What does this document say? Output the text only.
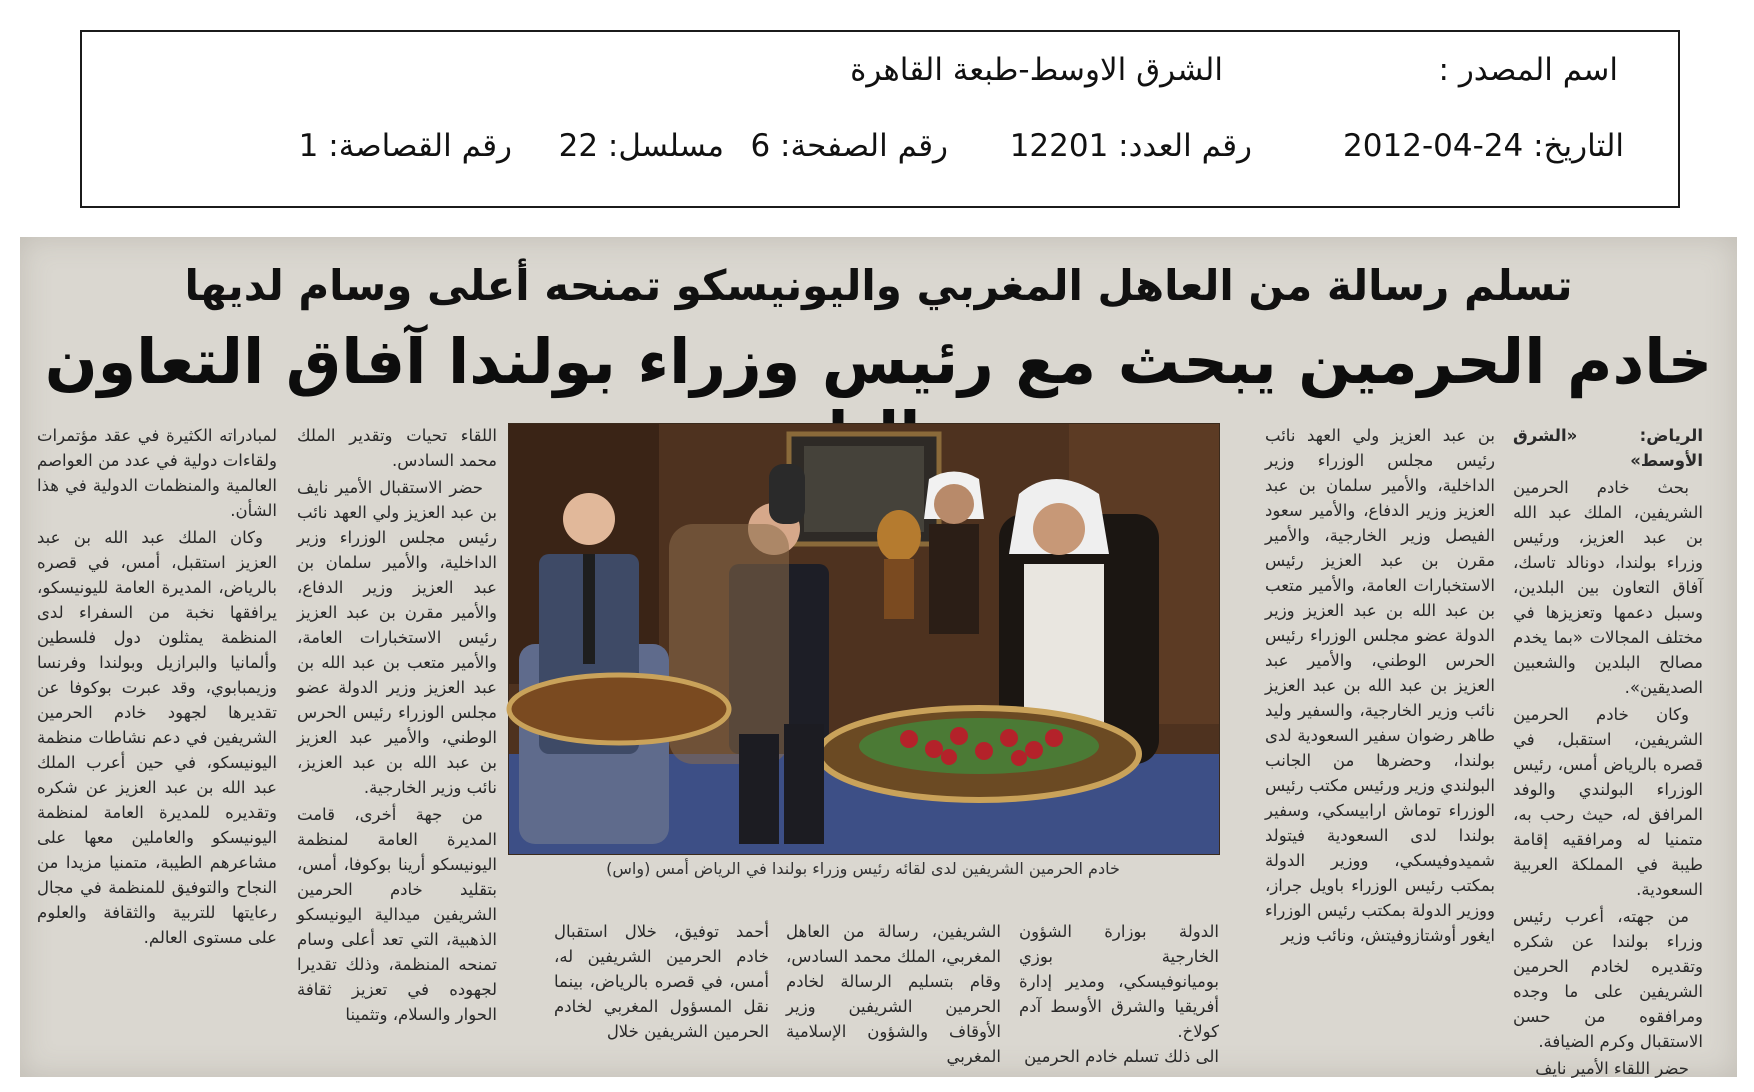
اسم المصدر :
الشرق الاوسط-طبعة القاهرة
التاريخ: 24-04-2012
رقم العدد: 12201
رقم الصفحة: 6
مسلسل: 22
رقم القصاصة: 1
تسلم رسالة من العاهل المغربي واليونيسكو تمنحه أعلى وسام لديها
خادم الحرمين يبحث مع رئيس وزراء بولندا آفاق التعاون

الرياض: «الشرق الأوسط»

بحث خادم الحرمين الشريفين، الملك عبد الله بن عبد العزيز، ورئيس وزراء بولندا، دونالد تاسك، آفاق التعاون بين البلدين، وسبل دعمها وتعزيزها في مختلف المجالات «بما يخدم مصالح البلدين والشعبين الصديقين».

وكان خادم الحرمين الشريفين، استقبل، في قصره بالرياض أمس، رئيس الوزراء البولندي والوفد المرافق له، حيث رحب به، متمنيا له ومرافقيه إقامة طيبة في المملكة العربية السعودية.

من جهته، أعرب رئيس وزراء بولندا عن شكره وتقديره لخادم الحرمين الشريفين على ما وجده ومرافقوه من حسن الاستقبال وكرم الضيافة.

حضر اللقاء الأمير نايف

بن عبد العزيز ولي العهد نائب رئيس مجلس الوزراء وزير الداخلية، والأمير سلمان بن عبد العزيز وزير الدفاع، والأمير سعود الفيصل وزير الخارجية، والأمير مقرن بن عبد العزيز رئيس الاستخبارات العامة، والأمير متعب بن عبد الله بن عبد العزيز وزير الدولة عضو مجلس الوزراء رئيس الحرس الوطني، والأمير عبد العزيز بن عبد الله بن عبد العزيز نائب وزير الخارجية، والسفير وليد طاهر رضوان سفير السعودية لدى بولندا، وحضرها من الجانب البولندي وزير ورئيس مكتب رئيس الوزراء توماش ارابيسكي، وسفير بولندا لدى السعودية فيتولد شميدوفيسكي، ووزير الدولة بمكتب رئيس الوزراء باويل جراز، ووزير الدولة بمكتب رئيس الوزراء ايغور أوشتازوفيتش، ونائب وزير

خادم الحرمين الشريفين لدى لقائه رئيس وزراء بولندا في الرياض أمس (واس)

اللقاء تحيات وتقدير الملك محمد السادس.

حضر الاستقبال الأمير نايف بن عبد العزيز ولي العهد نائب رئيس مجلس الوزراء وزير الداخلية، والأمير سلمان بن عبد العزيز وزير الدفاع، والأمير مقرن بن عبد العزيز رئيس الاستخبارات العامة، والأمير متعب بن عبد الله بن عبد العزيز وزير الدولة عضو مجلس الوزراء رئيس الحرس الوطني، والأمير عبد العزيز بن عبد الله بن عبد العزيز، نائب وزير الخارجية.

من جهة أخرى، قامت المديرة العامة لمنظمة اليونيسكو أرينا بوكوفا، أمس، بتقليد خادم الحرمين الشريفين ميدالية اليونيسكو الذهبية، التي تعد أعلى وسام تمنحه المنظمة، وذلك تقديرا لجهوده في تعزيز ثقافة الحوار والسلام، وتثمينا

لمبادراته الكثيرة في عقد مؤتمرات ولقاءات دولية في عدد من العواصم العالمية والمنظمات الدولية في هذا الشأن.

وكان الملك عبد الله بن عبد العزيز استقبل، أمس، في قصره بالرياض، المديرة العامة لليونيسكو، يرافقها نخبة من السفراء لدى المنظمة يمثلون دول فلسطين وألمانيا والبرازيل وبولندا وفرنسا وزيمبابوي، وقد عبرت بوكوفا عن تقديرها لجهود خادم الحرمين الشريفين في دعم نشاطات منظمة اليونيسكو، في حين أعرب الملك عبد الله بن عبد العزيز عن شكره وتقديره للمديرة العامة لمنظمة اليونيسكو والعاملين معها على مشاعرهم الطيبة، متمنيا مزيدا من النجاح والتوفيق للمنظمة في مجال رعايتها للتربية والثقافة والعلوم على مستوى العالم.	الدولة بوزارة الشؤون الخارجية بوزي بوميانوفيسكي، ومدير إدارة أفريقيا والشرق الأوسط آدم كولاخ.

الى ذلك تسلم خادم الحرمين

الشريفين، رسالة من العاهل المغربي، الملك محمد السادس، وقام بتسليم الرسالة لخادم الحرمين الشريفين وزير الأوقاف والشؤون الإسلامية المغربي

أحمد توفيق، خلال استقبال خادم الحرمين الشريفين له، أمس، في قصره بالرياض، بينما نقل المسؤول المغربي لخادم الحرمين الشريفين خلال
